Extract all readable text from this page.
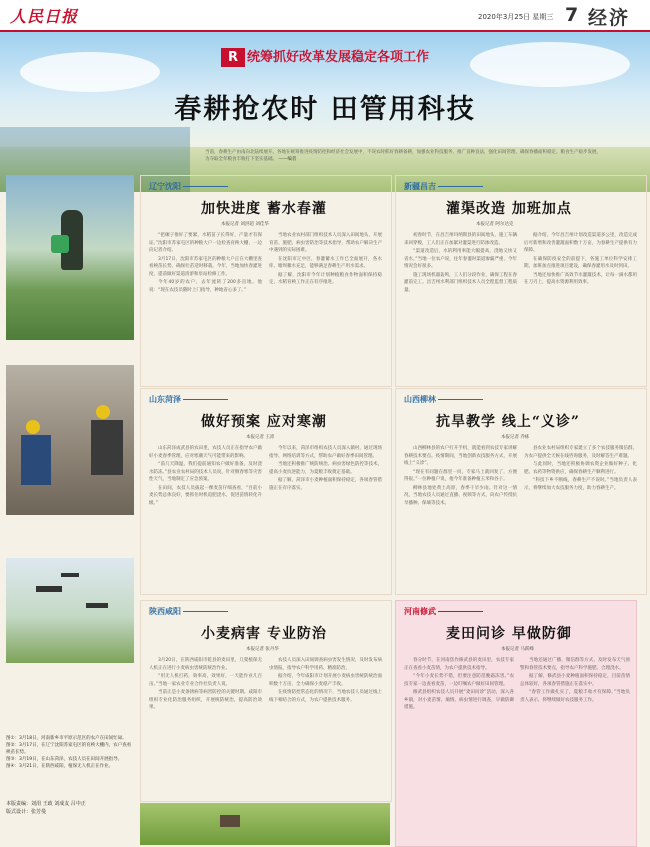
人民日报	2020年3月25日 星期三 7 经济
R 统筹抓好改革发展稳定各项工作
春耕抢农时 田管用科技
当前，春耕生产由南向北陆续展开。各地在统筹推进疫情防控和经济社会发展中，不误农时抓好春耕备耕，加强农业科技服务，推广良种良法，强化田间管理，确保春播面积稳定、粮食生产稳步发展，为夺取全年粮食丰收打下坚实基础。 ——编者
图①：3月18日，河南新乡市平原示范区的农户在田间忙碌。
图②：3月17日，在辽宁沈阳苏家屯区的育秧大棚内，农户查看秧苗长势。
图③：3月19日，在山东菏泽，农技人员在田间开展指导。
图④：3月21日，在陕西咸阳，植保无人机正在作业。
本版责编：刘涓 王政 刘成友 吕中正
版式设计：张芳曼
辽宁沈阳
加快进度 蓄水春灌
本报记者 刘洪超 刘佳华

“把碾子推好了要紧，水稻苗子长得好，产量才有保证。”沈阳市苏家屯区的种粮大户一边检查育秧大棚，一边向记者介绍。

3月17日，沈阳市苏家屯区的种粮大户正在大棚里查看秧苗长势，确保壮苗适时移栽。今年，当地加快春灌进度，提前做好渠道清淤和泵站检修工作。

今年40岁的农户，去年流转了200多亩地。他说：“现在农技员随时上门指导，种地省心多了。”

当地农业农村部门组织技术人员深入田间地头，开展育苗、施肥、病虫害防治等技术指导，帮助农户解决生产中遇到的实际困难。

在沈阳市辽中区，春灌蓄水工作已全面展开，各水库、塘坝蓄水充足，能够满足春耕生产用水需求。

据了解，沈阳市今年计划种植粮食作物面积保持稳定，水稻育秧工作正在有序推进。

新疆昌吉
灌渠改造 加班加点
本报记者 阿尔达克

初春时节，在昌吉州玛纳斯县的田间地头，施工车辆来回穿梭，工人们正在加紧对灌渠进行防渗改造。

“渠道改造后，水的利用率能大幅提高，浇地又快又省水。”当地一位农户说，往年春灌时渠道渗漏严重，今年情况会好很多。

施工现场机器轰鸣，工人们分段作业，确保工程在春灌前完工。昌吉州水利部门组织技术人员全程监督工程质量。

据介绍，今年昌吉州计划改造渠道多公里，改造完成后可新增和改善灌溉面积数十万亩，为春耕生产提供有力保障。

在确保防疫安全的前提下，各施工单位科学安排工期，加班加点推进项目建设，确保春灌用水及时到田。

当地还加快推广高效节水灌溉技术，让每一滴水都用在刀刃上，提高水资源利用效率。

山东菏泽
做好预案 应对寒潮
本报记者 王沛

山东菏泽成武县的农田里，农技人员正在指导农户做好小麦春季管理，应对寒潮天气可能带来的影响。

“前几天降温，我们提前通知农户做好准备，及时浇水防冻。”县农业农村局的技术人员说，针对倒春寒等灾害性天气，当地制定了应急预案。

在田间，农技人员拔起一棵麦苗仔细查看，“目前小麦长势总体良好，要抓住时机追肥浇水，促进苗情转化升级。”

今年以来，菏泽市组织农技人员深入镇村，通过现场指导、网络培训等方式，帮助农户做好春季田间管理。

当地还积极推广统防统治、病虫害绿色防控等技术，提高小麦抗逆能力，为夏粮丰收奠定基础。

据了解，菏泽市小麦种植面积保持稳定，各项春管措施正在有序落实。

山西柳林
抗旱教学 线上“义诊”
本报记者 乔栋

山西柳林县的农户打开手机，就能看到农技专家讲解春耕技术要点。疫情期间，当地创新农技服务方式，开展线上“义诊”。

“现在有问题在群里一问，专家马上就回复了，方便得很。”一位种植户说，他今年准备种植玉米和谷子。

柳林县地处黄土高原，春季干旱少雨。针对这一情况，当地农技人员通过直播、视频等方式，向农户传授抗旱播种、保墒等技术。

县农业农村局组织专家建立了多个农技服务微信群，为农户提供全天候在线咨询服务，及时解答生产难题。

与此同时，当地还积极协调农资企业做好种子、化肥、农药等物资供应，确保春耕生产顺利进行。

“科技下乡不断线，春耕生产不误时。”当地负责人表示，将继续加大农技服务力度，助力春耕生产。

陕西咸阳
小麦病害 专业防治
本报记者 张丹华

3月20日，在陕西咸阳市乾县的麦田里，几架植保无人机正在进行小麦病虫害统防统治作业。

“用无人机打药，效率高、效果好，一天能作业几百亩。”当地一家农业专业合作社负责人说。

当前正是小麦条锈病等病害防控的关键时期。咸阳市组织专业化防治服务组织，开展统防统治，提高防治效果。

农技人员深入田间调查病虫害发生情况，及时发布病虫情报，指导农户科学用药、精准防治。

据介绍，今年咸阳市计划开展小麦病虫害统防统治面积数十万亩，全力确保小麦稳产丰收。

在疫情防控常态化的情况下，当地农技人员通过线上线下相结合的方式，为农户提供技术服务。

河南修武
麦田问诊 早做防御
本报记者 马跃峰

春分时节，在河南焦作修武县的麦田里，农技专家正在查看小麦苗情，为农户提供技术指导。

“今年小麦长势不错，但要注意防范晚霜冻害。”农技专家一边查看麦苗，一边叮嘱农户做好田间管理。

修武县组织农技人员开展“麦田问诊”活动，深入各乡镇，对小麦苗情、墒情、病虫情进行调查，早做防御措施。

当地还通过广播、微信群等方式，及时发布天气预警和春管技术要点，指导农户科学施肥、合理浇水。

据了解，修武县小麦种植面积保持稳定，目前苗情总体较好，各项春管措施正在落实中。

“春管工作做扎实了，夏粮丰收才有保障。”当地负责人表示，将继续做好农技服务工作。
